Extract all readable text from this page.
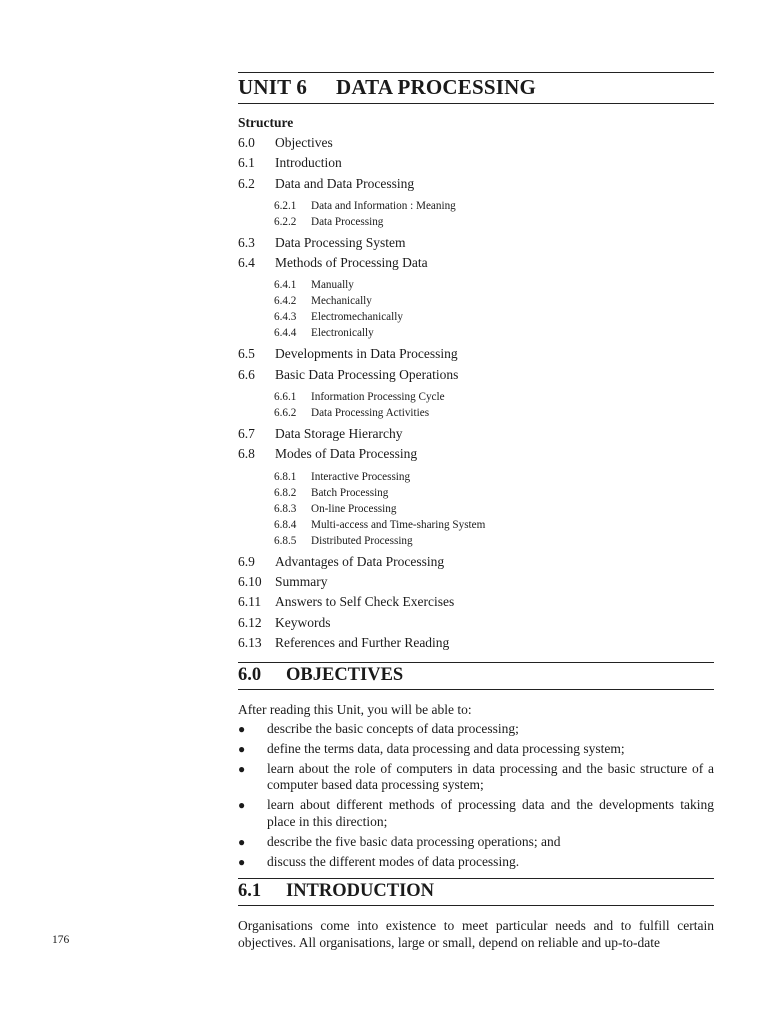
UNIT 6 DATA PROCESSING
Structure
6.0 Objectives
6.1 Introduction
6.2 Data and Data Processing
6.2.1 Data and Information : Meaning
6.2.2 Data Processing
6.3 Data Processing System
6.4 Methods of Processing Data
6.4.1 Manually
6.4.2 Mechanically
6.4.3 Electromechanically
6.4.4 Electronically
6.5 Developments in Data Processing
6.6 Basic Data Processing Operations
6.6.1 Information Processing Cycle
6.6.2 Data Processing Activities
6.7 Data Storage Hierarchy
6.8 Modes of Data Processing
6.8.1 Interactive Processing
6.8.2 Batch Processing
6.8.3 On-line Processing
6.8.4 Multi-access and Time-sharing System
6.8.5 Distributed Processing
6.9 Advantages of Data Processing
6.10 Summary
6.11 Answers to Self Check Exercises
6.12 Keywords
6.13 References and Further Reading
6.0 OBJECTIVES
After reading this Unit, you will be able to:
● describe the basic concepts of data processing;
● define the terms data, data processing and data processing system;
● learn about the role of computers in data processing and the basic structure of a computer based data processing system;
● learn about different methods of processing data and the developments taking place in this direction;
● describe the five basic data processing operations; and
● discuss the different modes of data processing.
6.1 INTRODUCTION
Organisations come into existence to meet particular needs and to fulfill certain objectives. All organisations, large or small, depend on reliable and up-to-date
176
